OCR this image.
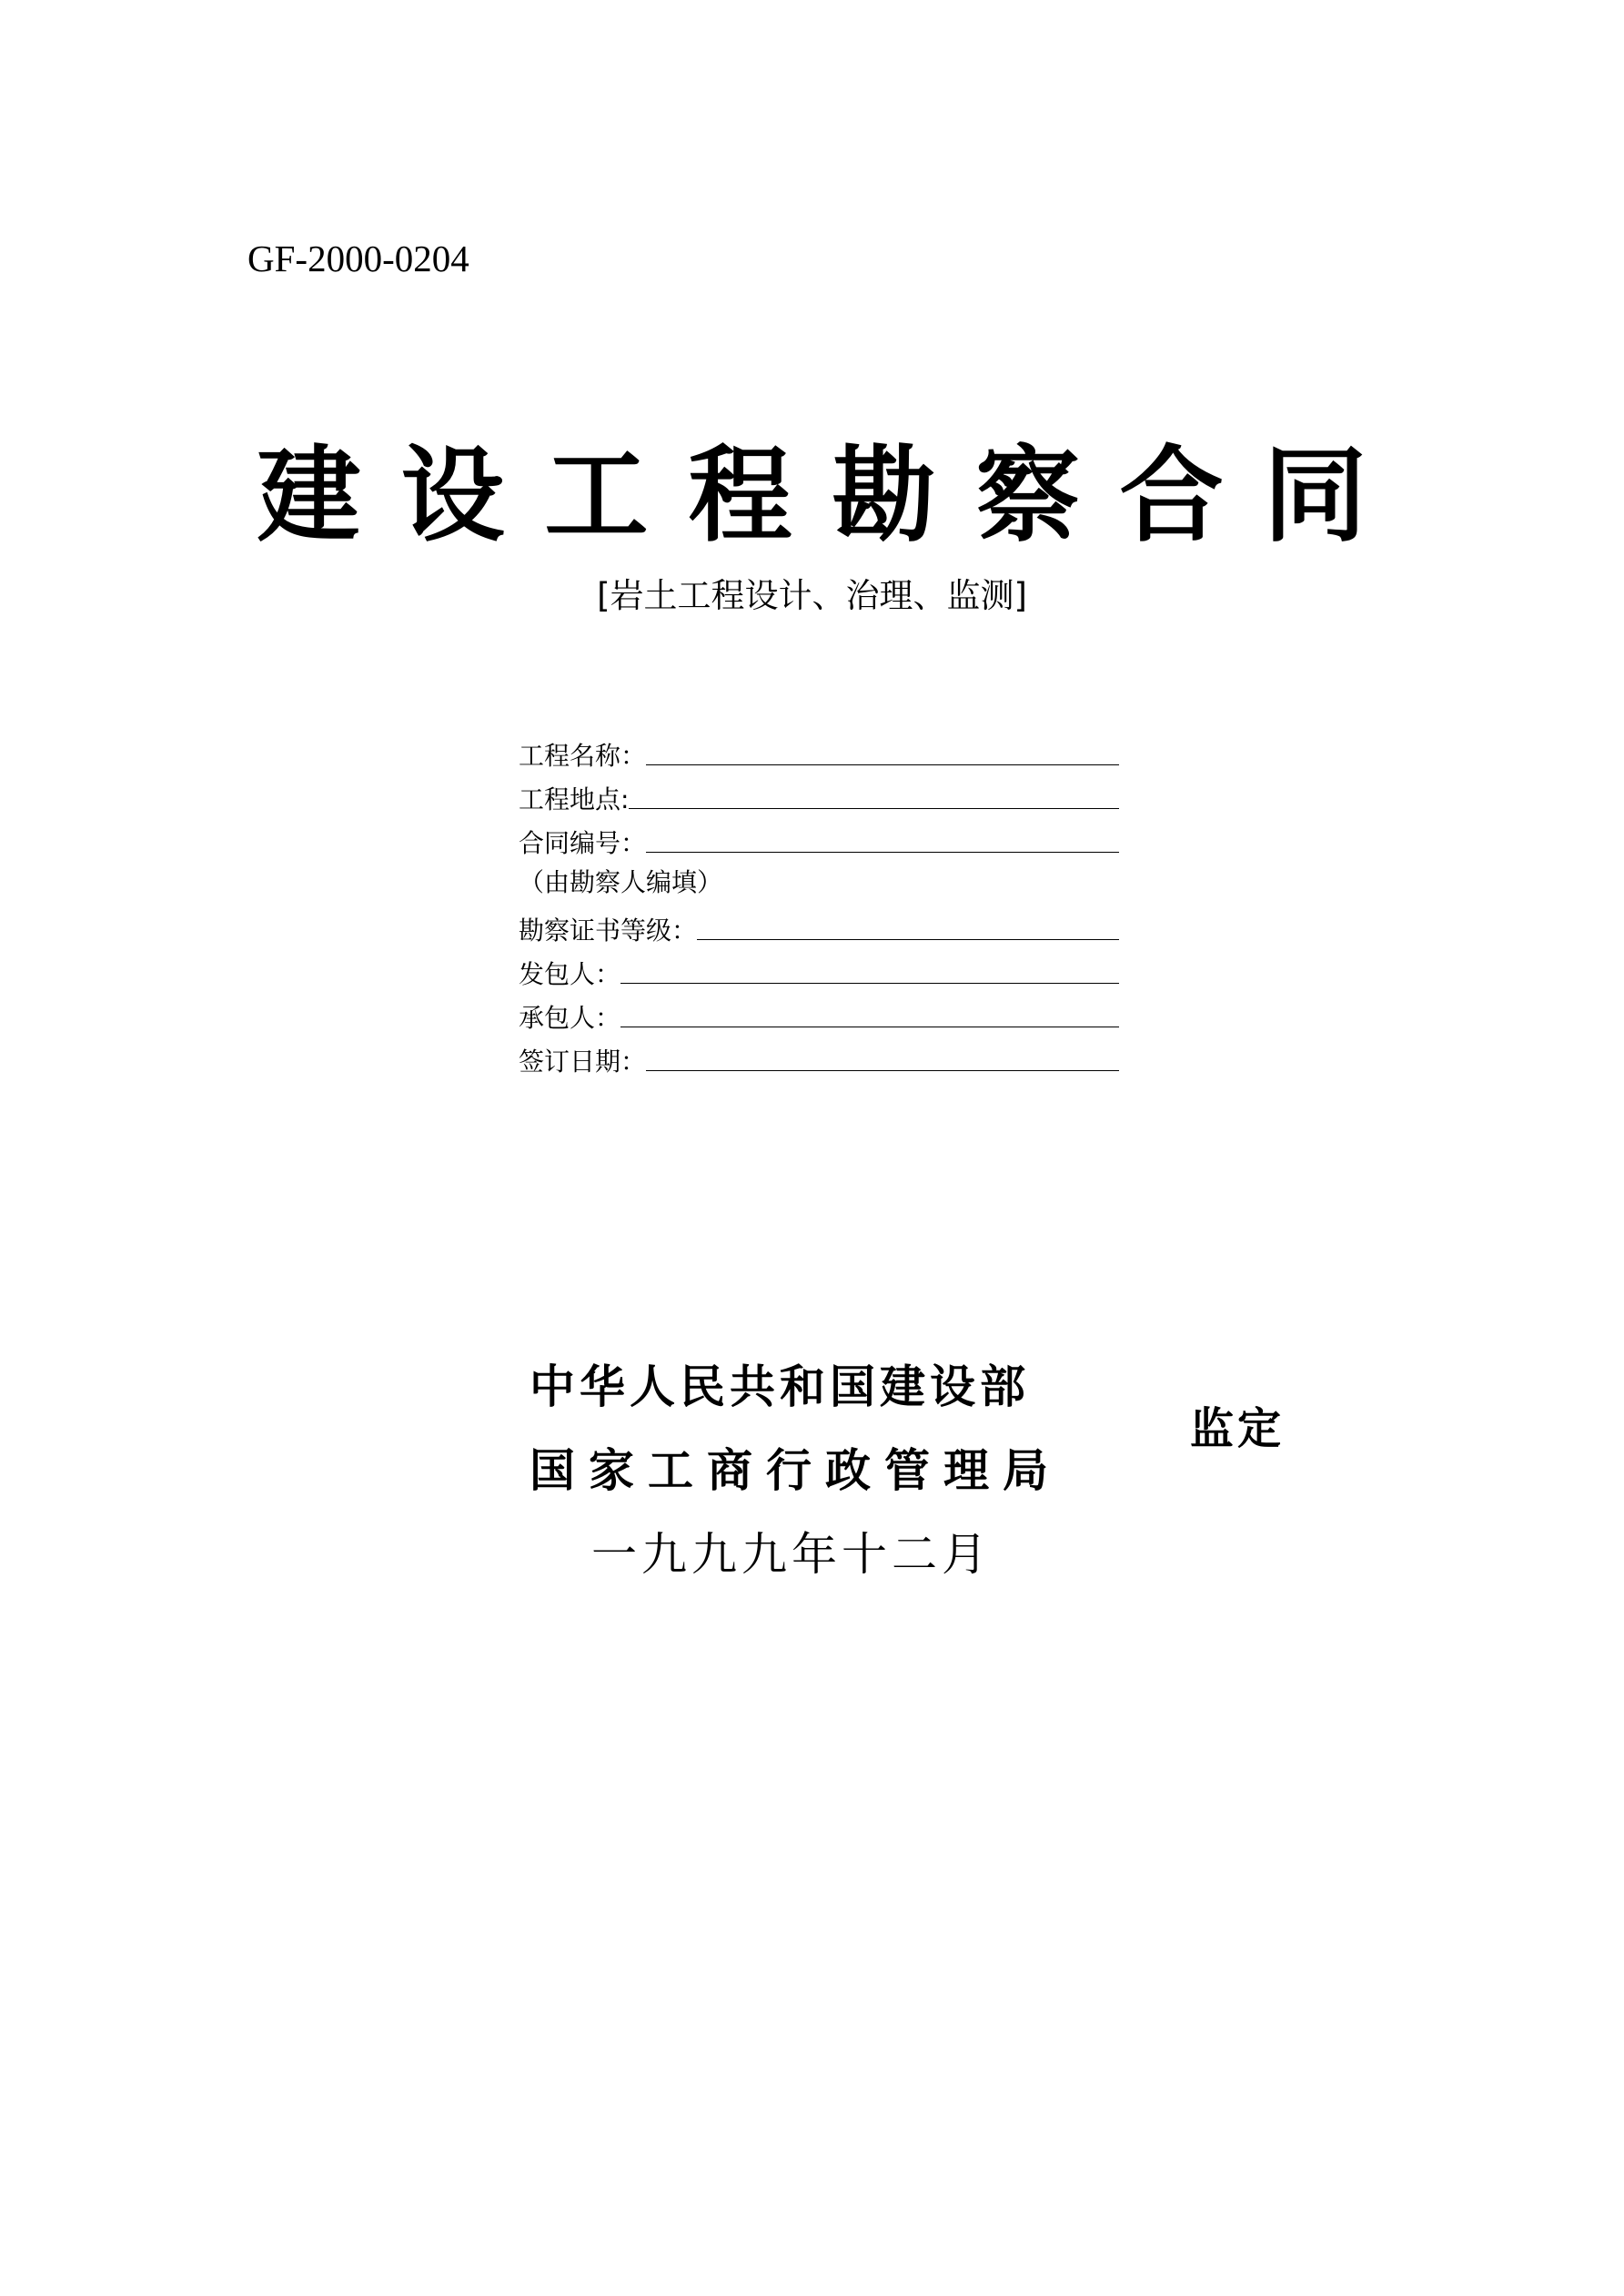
GF-2000-0204
建设工程勘察合同
[岩土工程设计、治理、监测]
工程名称：
工程地点:
合同编号：
（由勘察人编填）
勘察证书等级：
发包人：
承包人：
签订日期：
中华人民共和国建设部
国家工商行政管理局
一九九九年十二月
监定
